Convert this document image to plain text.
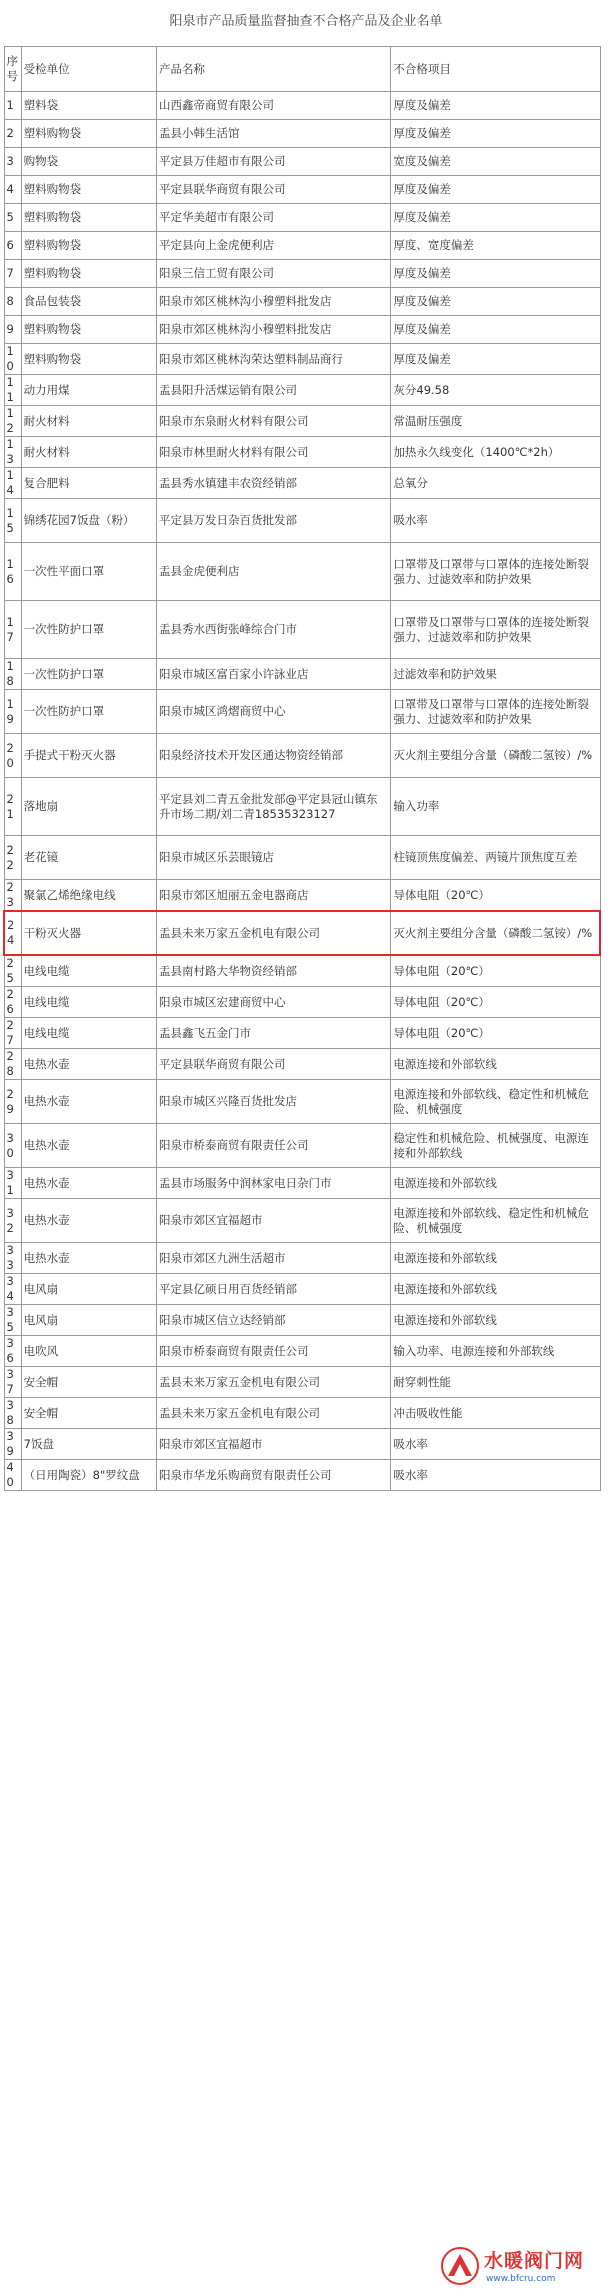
阳泉市产品质量监督抽查不合格产品及企业名单
序号	受检单位	产品名称	不合格项目
1	塑料袋	山西鑫帝商贸有限公司	厚度及偏差
2	塑料购物袋	盂县小韩生活馆	厚度及偏差
3	购物袋	平定县万佳超市有限公司	宽度及偏差
4	塑料购物袋	平定县联华商贸有限公司	厚度及偏差
5	塑料购物袋	平定华美超市有限公司	厚度及偏差
6	塑料购物袋	平定县向上金虎便利店	厚度、宽度偏差
7	塑料购物袋	阳泉三信工贸有限公司	厚度及偏差
8	食品包装袋	阳泉市郊区桃林沟小穆塑料批发店	厚度及偏差
9	塑料购物袋	阳泉市郊区桃林沟小穆塑料批发店	厚度及偏差
10	塑料购物袋	阳泉市郊区桃林沟荣达塑料制品商行	厚度及偏差
11	动力用煤	盂县阳升活煤运销有限公司	灰分49.58
12	耐火材料	阳泉市东泉耐火材料有限公司	常温耐压强度
13	耐火材料	阳泉市林里耐火材料有限公司	加热永久线变化（1400℃*2h）
14	复合肥料	盂县秀水镇建丰农资经销部	总氧分
15	锦绣花园7饭盘（粉）	平定县万发日杂百货批发部	吸水率
16	一次性平面口罩	盂县金虎便利店	口罩带及口罩带与口罩体的连接处断裂强力、过滤效率和防护效果
17	一次性防护口罩	盂县秀水西街张峰综合门市	口罩带及口罩带与口罩体的连接处断裂强力、过滤效率和防护效果
18	一次性防护口罩	阳泉市城区富百家小许詠业店	过滤效率和防护效果
19	一次性防护口罩	阳泉市城区鸿熠商贸中心	口罩带及口罩带与口罩体的连接处断裂强力、过滤效率和防护效果
20	手提式干粉灭火器	阳泉经济技术开发区通达物资经销部	灭火剂主要组分含量（磷酸二氢铵）/%
21	落地扇	平定县刘二青五金批发部@平定县冠山镇东升市场二期/刘二青18535323127	输入功率
22	老花镜	阳泉市城区乐芸眼镜店	柱镜顶焦度偏差、两镜片顶焦度互差
23	聚氯乙烯绝缘电线	阳泉市郊区旭丽五金电器商店	导体电阻（20℃）
24	干粉灭火器	盂县未来万家五金机电有限公司	灭火剂主要组分含量（磷酸二氢铵）/%
25	电线电缆	盂县南村路大华物资经销部	导体电阻（20℃）
26	电线电缆	阳泉市城区宏建商贸中心	导体电阻（20℃）
27	电线电缆	盂县鑫飞五金门市	导体电阻（20℃）
28	电热水壶	平定县联华商贸有限公司	电源连接和外部软线
29	电热水壶	阳泉市城区兴隆百货批发店	电源连接和外部软线、稳定性和机械危险、机械强度
30	电热水壶	阳泉市桥泰商贸有限责任公司	稳定性和机械危险、机械强度、电源连接和外部软线
31	电热水壶	盂县市场服务中润林家电日杂门市	电源连接和外部软线
32	电热水壶	阳泉市郊区宜福超市	电源连接和外部软线、稳定性和机械危险、机械强度
33	电热水壶	阳泉市郊区九洲生活超市	电源连接和外部软线
34	电风扇	平定县亿硕日用百货经销部	电源连接和外部软线
35	电风扇	阳泉市城区信立达经销部	电源连接和外部软线
36	电吹风	阳泉市桥泰商贸有限责任公司	输入功率、电源连接和外部软线
37	安全帽	盂县未来万家五金机电有限公司	耐穿刺性能
38	安全帽	盂县未来万家五金机电有限公司	冲击吸收性能
39	7饭盘	阳泉市郊区宜福超市	吸水率
40	（日用陶瓷）8"罗纹盘	阳泉市华龙乐购商贸有限责任公司	吸水率
水暖阀门网
www.bfcru.com
